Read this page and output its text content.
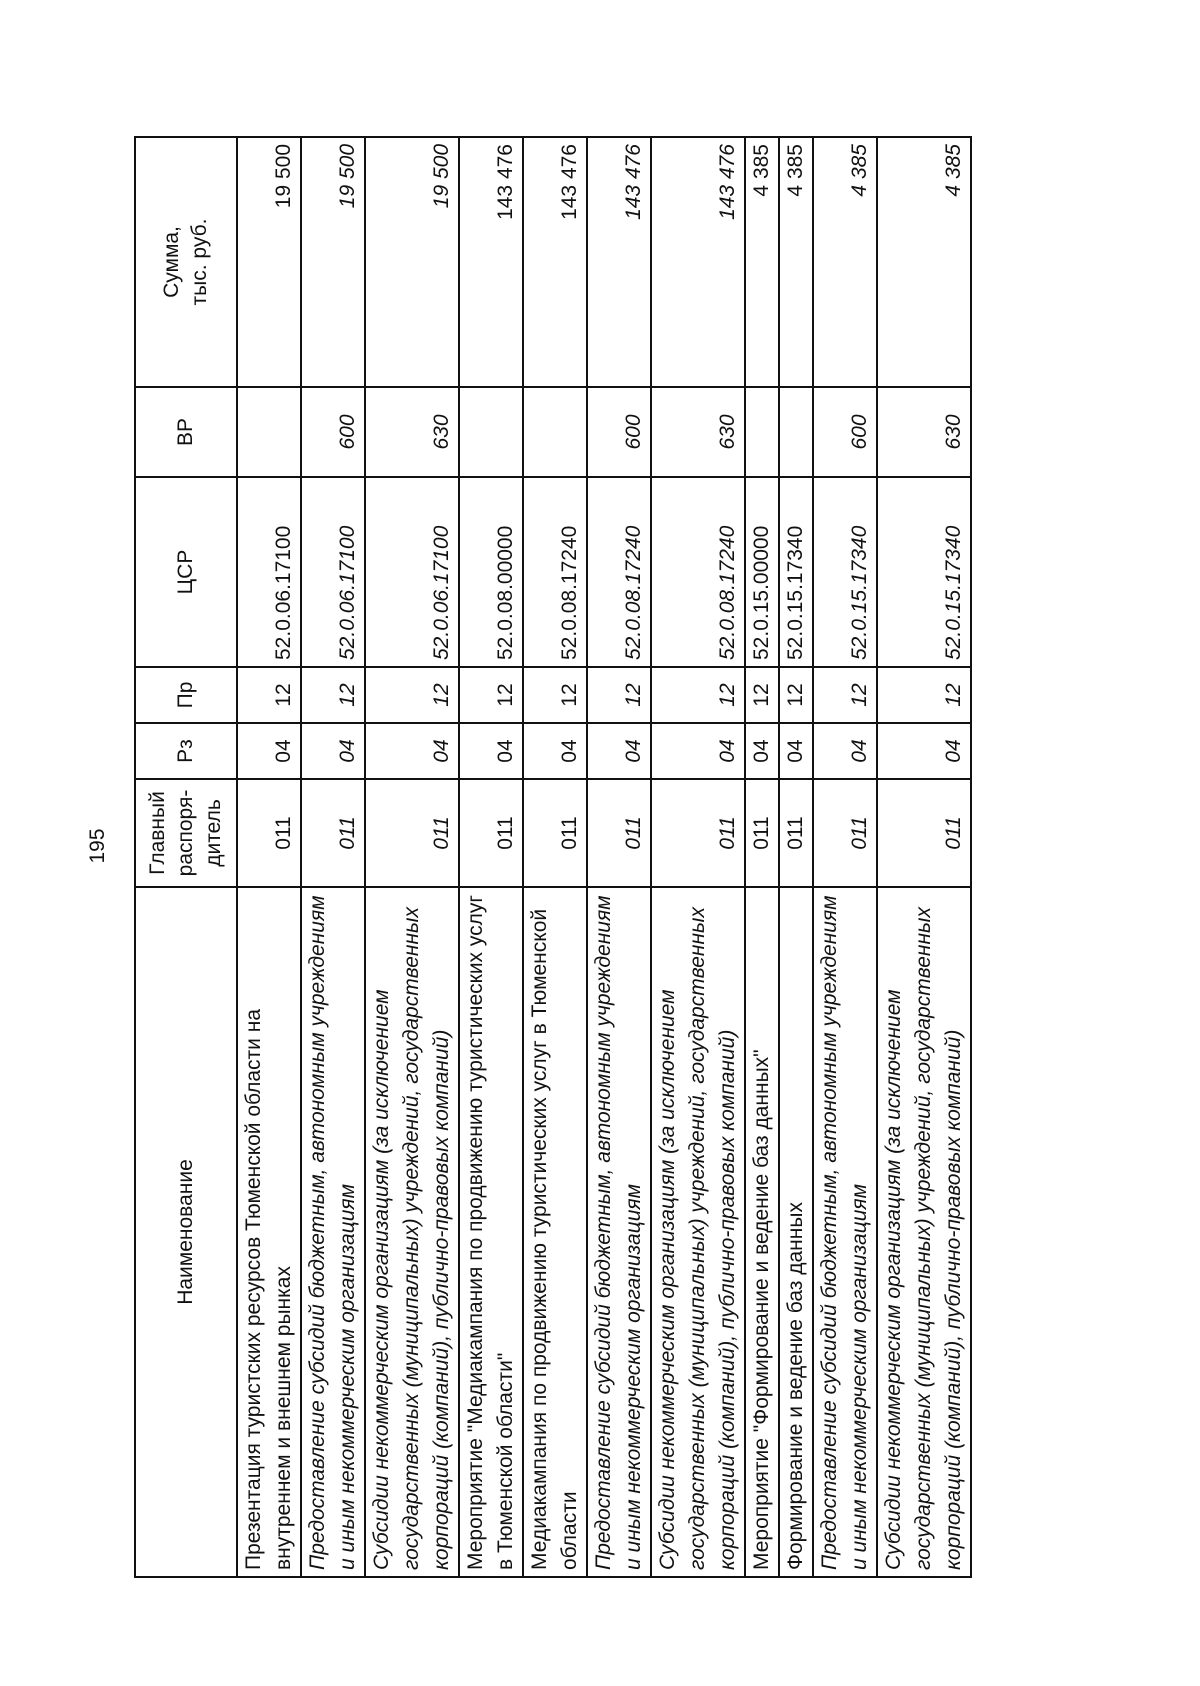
195
Наименование	Главный
распоря-
дитель	Рз	Пр	ЦСР	ВР	Сумма,
тыс. руб.
Презентация туристских ресурсов Тюменской области на внутреннем и внешнем рынках	011	04	12	52.0.06.17100		19 500
Предоставление субсидий бюджетным, автономным учреждениям и иным некоммерческим организациям	011	04	12	52.0.06.17100	600	19 500
Субсидии некоммерческим организациям (за исключением государственных (муниципальных) учреждений, государственных корпораций (компаний), публично-правовых компаний)	011	04	12	52.0.06.17100	630	19 500
Мероприятие "Медиакампания по продвижению туристических услуг в Тюменской области"	011	04	12	52.0.08.00000		143 476
Медиакампания по продвижению туристических услуг в Тюменской области	011	04	12	52.0.08.17240		143 476
Предоставление субсидий бюджетным, автономным учреждениям и иным некоммерческим организациям	011	04	12	52.0.08.17240	600	143 476
Субсидии некоммерческим организациям (за исключением государственных (муниципальных) учреждений, государственных корпораций (компаний), публично-правовых компаний)	011	04	12	52.0.08.17240	630	143 476
Мероприятие "Формирование и ведение баз данных"	011	04	12	52.0.15.00000		4 385
Формирование и ведение баз данных	011	04	12	52.0.15.17340		4 385
Предоставление субсидий бюджетным, автономным учреждениям и иным некоммерческим организациям	011	04	12	52.0.15.17340	600	4 385
Субсидии некоммерческим организациям (за исключением государственных (муниципальных) учреждений, государственных корпораций (компаний), публично-правовых компаний)	011	04	12	52.0.15.17340	630	4 385
